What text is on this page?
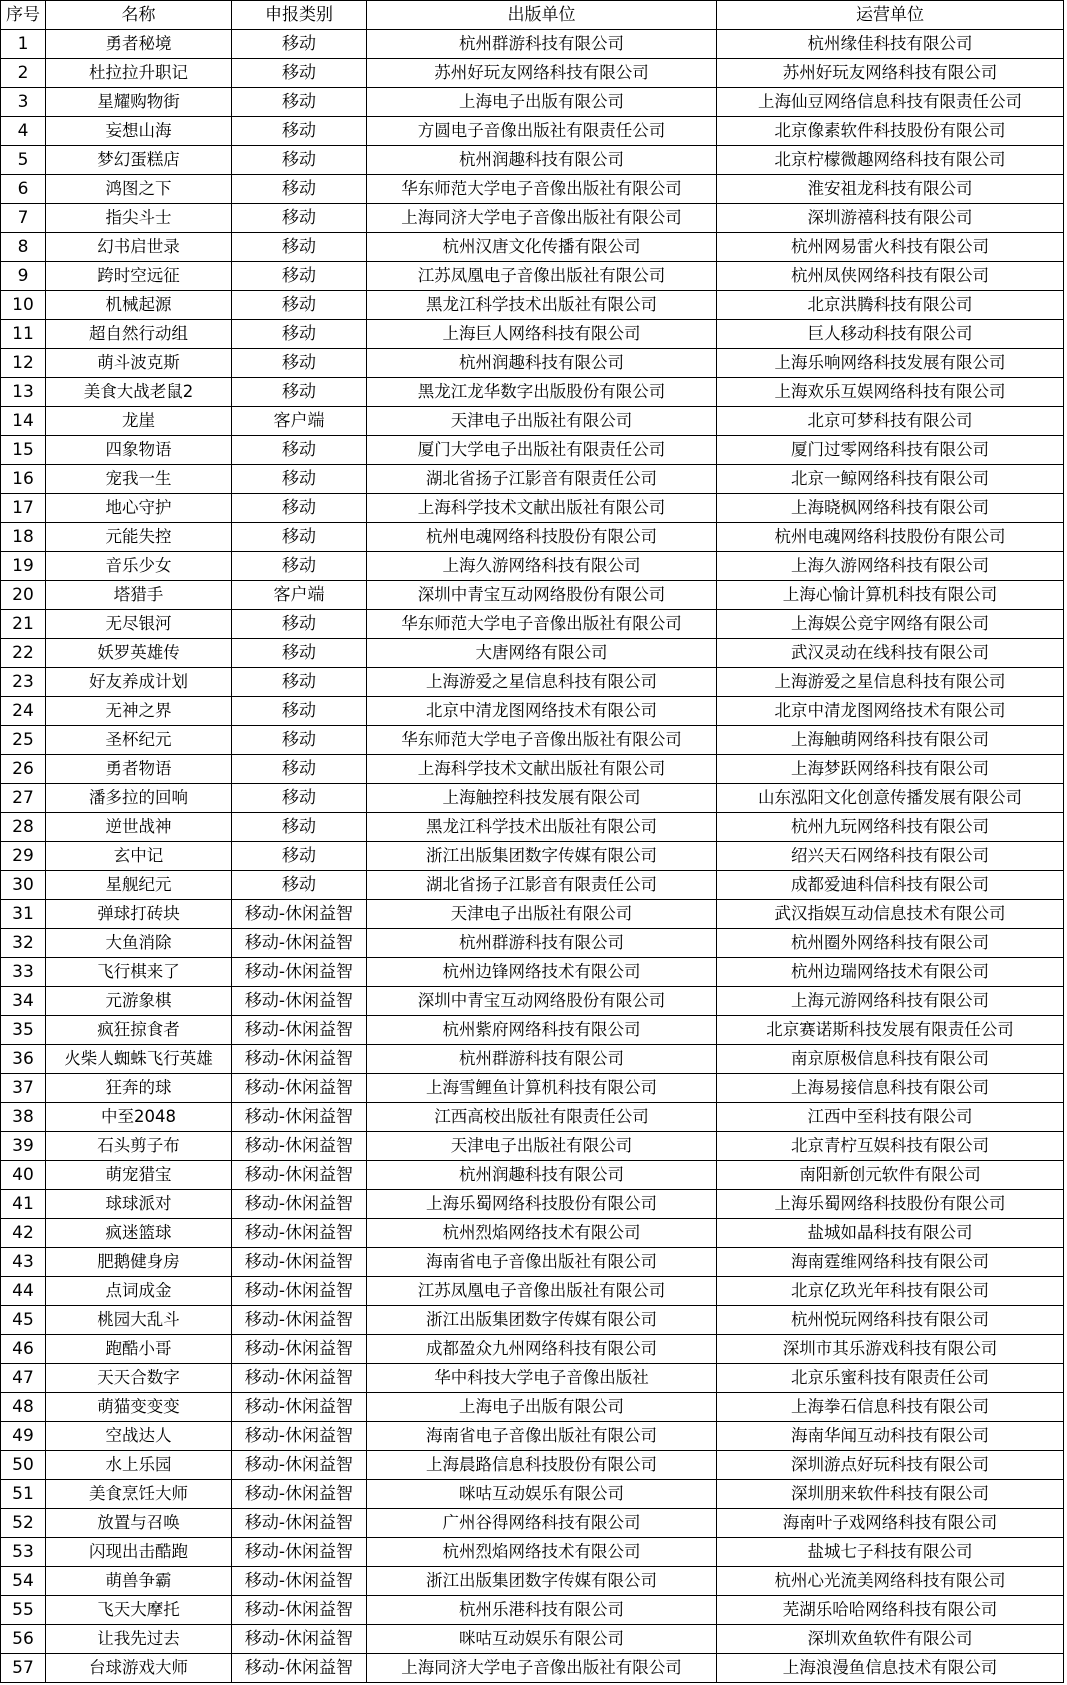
序号	名称	申报类别	出版单位	运营单位
1	勇者秘境	移动	杭州群游科技有限公司	杭州缘佳科技有限公司
2	杜拉拉升职记	移动	苏州好玩友网络科技有限公司	苏州好玩友网络科技有限公司
3	星耀购物街	移动	上海电子出版有限公司	上海仙豆网络信息科技有限责任公司
4	妄想山海	移动	方圆电子音像出版社有限责任公司	北京像素软件科技股份有限公司
5	梦幻蛋糕店	移动	杭州润趣科技有限公司	北京柠檬微趣网络科技有限公司
6	鸿图之下	移动	华东师范大学电子音像出版社有限公司	淮安祖龙科技有限公司
7	指尖斗士	移动	上海同济大学电子音像出版社有限公司	深圳游禧科技有限公司
8	幻书启世录	移动	杭州汉唐文化传播有限公司	杭州网易雷火科技有限公司
9	跨时空远征	移动	江苏凤凰电子音像出版社有限公司	杭州凤侠网络科技有限公司
10	机械起源	移动	黑龙江科学技术出版社有限公司	北京洪腾科技有限公司
11	超自然行动组	移动	上海巨人网络科技有限公司	巨人移动科技有限公司
12	萌斗波克斯	移动	杭州润趣科技有限公司	上海乐响网络科技发展有限公司
13	美食大战老鼠2	移动	黑龙江龙华数字出版股份有限公司	上海欢乐互娱网络科技有限公司
14	龙崖	客户端	天津电子出版社有限公司	北京可梦科技有限公司
15	四象物语	移动	厦门大学电子出版社有限责任公司	厦门过零网络科技有限公司
16	宠我一生	移动	湖北省扬子江影音有限责任公司	北京一鲸网络科技有限公司
17	地心守护	移动	上海科学技术文献出版社有限公司	上海晓枫网络科技有限公司
18	元能失控	移动	杭州电魂网络科技股份有限公司	杭州电魂网络科技股份有限公司
19	音乐少女	移动	上海久游网络科技有限公司	上海久游网络科技有限公司
20	塔猎手	客户端	深圳中青宝互动网络股份有限公司	上海心愉计算机科技有限公司
21	无尽银河	移动	华东师范大学电子音像出版社有限公司	上海娱公竞宇网络有限公司
22	妖罗英雄传	移动	大唐网络有限公司	武汉灵动在线科技有限公司
23	好友养成计划	移动	上海游爱之星信息科技有限公司	上海游爱之星信息科技有限公司
24	无神之界	移动	北京中清龙图网络技术有限公司	北京中清龙图网络技术有限公司
25	圣杯纪元	移动	华东师范大学电子音像出版社有限公司	上海触萌网络科技有限公司
26	勇者物语	移动	上海科学技术文献出版社有限公司	上海梦跃网络科技有限公司
27	潘多拉的回响	移动	上海触控科技发展有限公司	山东泓阳文化创意传播发展有限公司
28	逆世战神	移动	黑龙江科学技术出版社有限公司	杭州九玩网络科技有限公司
29	玄中记	移动	浙江出版集团数字传媒有限公司	绍兴天石网络科技有限公司
30	星舰纪元	移动	湖北省扬子江影音有限责任公司	成都爱迪科信科技有限公司
31	弹球打砖块	移动-休闲益智	天津电子出版社有限公司	武汉指娱互动信息技术有限公司
32	大鱼消除	移动-休闲益智	杭州群游科技有限公司	杭州圈外网络科技有限公司
33	飞行棋来了	移动-休闲益智	杭州边锋网络技术有限公司	杭州边瑞网络技术有限公司
34	元游象棋	移动-休闲益智	深圳中青宝互动网络股份有限公司	上海元游网络科技有限公司
35	疯狂掠食者	移动-休闲益智	杭州紫府网络科技有限公司	北京赛诺斯科技发展有限责任公司
36	火柴人蜘蛛飞行英雄	移动-休闲益智	杭州群游科技有限公司	南京原极信息科技有限公司
37	狂奔的球	移动-休闲益智	上海雪鲤鱼计算机科技有限公司	上海易接信息科技有限公司
38	中至2048	移动-休闲益智	江西高校出版社有限责任公司	江西中至科技有限公司
39	石头剪子布	移动-休闲益智	天津电子出版社有限公司	北京青柠互娱科技有限公司
40	萌宠猎宝	移动-休闲益智	杭州润趣科技有限公司	南阳新创元软件有限公司
41	球球派对	移动-休闲益智	上海乐蜀网络科技股份有限公司	上海乐蜀网络科技股份有限公司
42	疯迷篮球	移动-休闲益智	杭州烈焰网络技术有限公司	盐城如晶科技有限公司
43	肥鹅健身房	移动-休闲益智	海南省电子音像出版社有限公司	海南霆维网络科技有限公司
44	点词成金	移动-休闲益智	江苏凤凰电子音像出版社有限公司	北京亿玖光年科技有限公司
45	桃园大乱斗	移动-休闲益智	浙江出版集团数字传媒有限公司	杭州悦玩网络科技有限公司
46	跑酷小哥	移动-休闲益智	成都盈众九州网络科技有限公司	深圳市其乐游戏科技有限公司
47	天天合数字	移动-休闲益智	华中科技大学电子音像出版社	北京乐蜜科技有限责任公司
48	萌猫变变变	移动-休闲益智	上海电子出版有限公司	上海拳石信息科技有限公司
49	空战达人	移动-休闲益智	海南省电子音像出版社有限公司	海南华闻互动科技有限公司
50	水上乐园	移动-休闲益智	上海晨路信息科技股份有限公司	深圳游点好玩科技有限公司
51	美食烹饪大师	移动-休闲益智	咪咕互动娱乐有限公司	深圳朋来软件科技有限公司
52	放置与召唤	移动-休闲益智	广州谷得网络科技有限公司	海南叶子戏网络科技有限公司
53	闪现出击酷跑	移动-休闲益智	杭州烈焰网络技术有限公司	盐城七子科技有限公司
54	萌兽争霸	移动-休闲益智	浙江出版集团数字传媒有限公司	杭州心光流美网络科技有限公司
55	飞天大摩托	移动-休闲益智	杭州乐港科技有限公司	芜湖乐哈哈网络科技有限公司
56	让我先过去	移动-休闲益智	咪咕互动娱乐有限公司	深圳欢鱼软件有限公司
57	台球游戏大师	移动-休闲益智	上海同济大学电子音像出版社有限公司	上海浪漫鱼信息技术有限公司
